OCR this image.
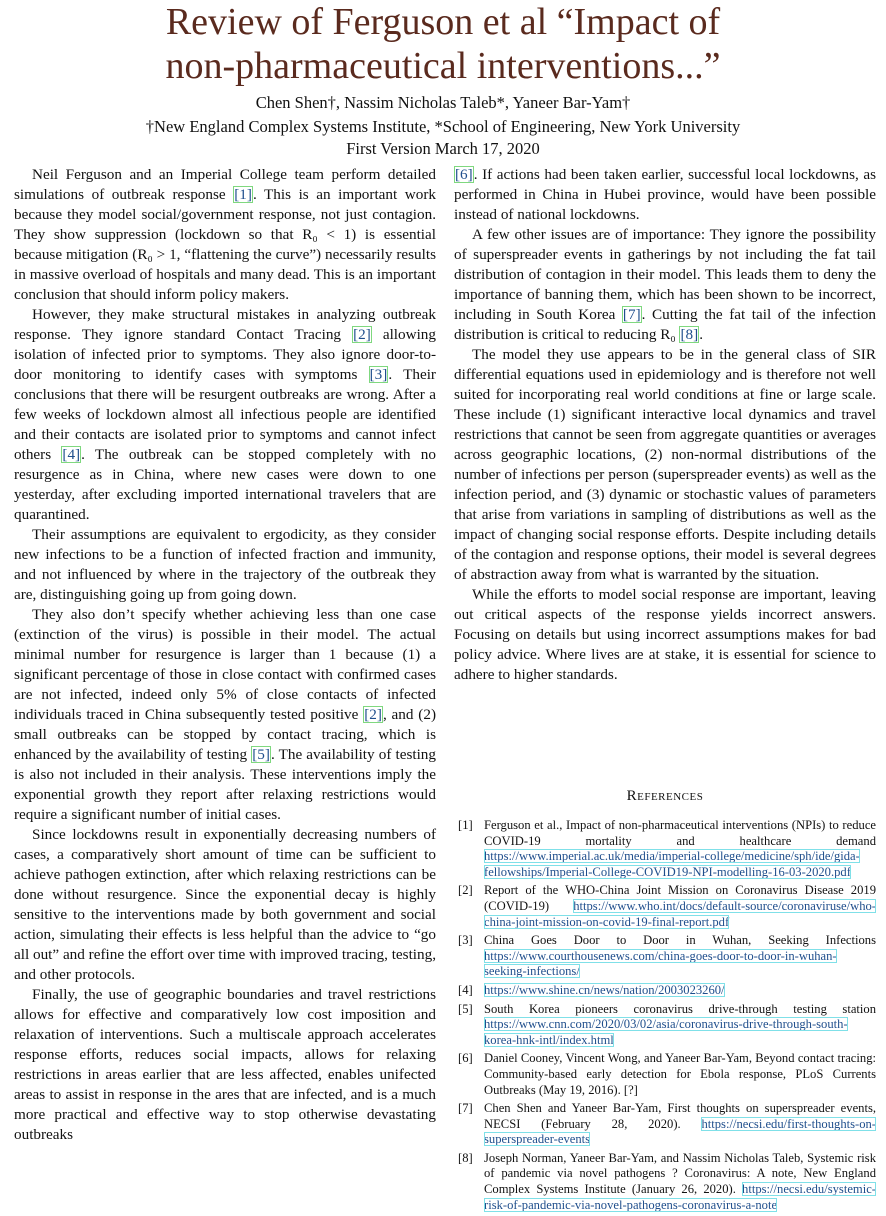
Review of Ferguson et al “Impact of
non-pharmaceutical interventions...”
Chen Shen†, Nassim Nicholas Taleb*, Yaneer Bar-Yam†
†New England Complex Systems Institute, *School of Engineering, New York University
First Version March 17, 2020

Neil Ferguson and an Imperial College team perform detailed simulations of outbreak response [1]. This is an important work because they model social/government response, not just contagion. They show suppression (lockdown so that R₀ < 1) is essential because mitigation (R₀ > 1, “flattening the curve”) necessarily results in massive overload of hospitals and many dead. This is an important conclusion that should inform policy makers.

However, they make structural mistakes in analyzing outbreak response. They ignore standard Contact Tracing [2] allowing isolation of infected prior to symptoms. They also ignore door-to-door monitoring to identify cases with symptoms [3]. Their conclusions that there will be resurgent outbreaks are wrong. After a few weeks of lockdown almost all infectious people are identified and their contacts are isolated prior to symptoms and cannot infect others [4]. The outbreak can be stopped completely with no resurgence as in China, where new cases were down to one yesterday, after excluding imported international travelers that are quarantined.

Their assumptions are equivalent to ergodicity, as they consider new infections to be a function of infected fraction and immunity, and not influenced by where in the trajectory of the outbreak they are, distinguishing going up from going down.

They also don’t specify whether achieving less than one case (extinction of the virus) is possible in their model. The actual minimal number for resurgence is larger than 1 because (1) a significant percentage of those in close contact with confirmed cases are not infected, indeed only 5% of close contacts of infected individuals traced in China subsequently tested positive [2], and (2) small outbreaks can be stopped by contact tracing, which is enhanced by the availability of testing [5]. The availability of testing is also not included in their analysis. These interventions imply the exponential growth they report after relaxing restrictions would require a significant number of initial cases.

Since lockdowns result in exponentially decreasing numbers of cases, a comparatively short amount of time can be sufficient to achieve pathogen extinction, after which relaxing restrictions can be done without resurgence. Since the exponential decay is highly sensitive to the interventions made by both government and social action, simulating their effects is less helpful than the advice to “go all out” and refine the effort over time with improved tracing, testing, and other protocols.

Finally, the use of geographic boundaries and travel restrictions allows for effective and comparatively low cost imposition and relaxation of interventions. Such a multiscale approach accelerates response efforts, reduces social impacts, allows for relaxing restrictions in areas earlier that are less affected, enables unifected areas to assist in response in the ares that are infected, and is a much more practical and effective way to stop otherwise devastating outbreaks

[6]. If actions had been taken earlier, successful local lockdowns, as performed in China in Hubei province, would have been possible instead of national lockdowns.

A few other issues are of importance: They ignore the possibility of superspreader events in gatherings by not including the fat tail distribution of contagion in their model. This leads them to deny the importance of banning them, which has been shown to be incorrect, including in South Korea [7]. Cutting the fat tail of the infection distribution is critical to reducing R₀ [8].

The model they use appears to be in the general class of SIR differential equations used in epidemiology and is therefore not well suited for incorporating real world conditions at fine or large scale. These include (1) significant interactive local dynamics and travel restrictions that cannot be seen from aggregate quantities or averages across geographic locations, (2) non-normal distributions of the number of infections per person (superspreader events) as well as the infection period, and (3) dynamic or stochastic values of parameters that arise from variations in sampling of distributions as well as the impact of changing social response efforts. Despite including details of the contagion and response options, their model is several degrees of abstraction away from what is warranted by the situation.

While the efforts to model social response are important, leaving out critical aspects of the response yields incorrect answers. Focusing on details but using incorrect assumptions makes for bad policy advice. Where lives are at stake, it is essential for science to adhere to higher standards.

References
[1] Ferguson et al., Impact of non-pharmaceutical interventions (NPIs) to reduce COVID-19 mortality and healthcare demand https://www.imperial.ac.uk/media/imperial-college/medicine/sph/ide/gida-fellowships/Imperial-College-COVID19-NPI-modelling-16-03-2020.pdf
[2] Report of the WHO-China Joint Mission on Coronavirus Disease 2019 (COVID-19) https://www.who.int/docs/default-source/coronaviruse/who-china-joint-mission-on-covid-19-final-report.pdf
[3] China Goes Door to Door in Wuhan, Seeking Infections https://www.courthousenews.com/china-goes-door-to-door-in-wuhan-seeking-infections/
[4] https://www.shine.cn/news/nation/2003023260/
[5] South Korea pioneers coronavirus drive-through testing station https://www.cnn.com/2020/03/02/asia/coronavirus-drive-through-south-korea-hnk-intl/index.html
[6] Daniel Cooney, Vincent Wong, and Yaneer Bar-Yam, Beyond contact tracing: Community-based early detection for Ebola response, PLoS Currents Outbreaks (May 19, 2016). [?]
[7] Chen Shen and Yaneer Bar-Yam, First thoughts on superspreader events, NECSI (February 28, 2020). https://necsi.edu/first-thoughts-on-superspreader-events
[8] Joseph Norman, Yaneer Bar-Yam, and Nassim Nicholas Taleb, Systemic risk of pandemic via novel pathogens ? Coronavirus: A note, New England Complex Systems Institute (January 26, 2020). https://necsi.edu/systemic-risk-of-pandemic-via-novel-pathogens-coronavirus-a-note
